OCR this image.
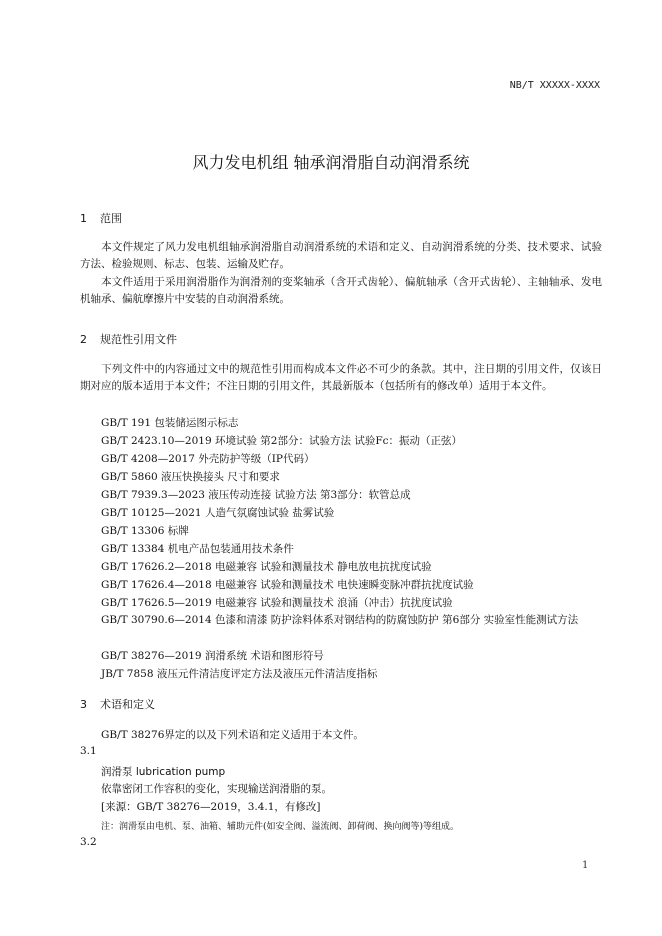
NB/T XXXXX-XXXX
风力发电机组 轴承润滑脂自动润滑系统
1 范围
本文件规定了风力发电机组轴承润滑脂自动润滑系统的术语和定义、自动润滑系统的分类、技术要求、试验方法、检验规则、标志、包装、运输及贮存。
本文件适用于采用润滑脂作为润滑剂的变桨轴承（含开式齿轮）、偏航轴承（含开式齿轮）、主轴轴承、发电机轴承、偏航摩擦片中安装的自动润滑系统。
2 规范性引用文件
下列文件中的内容通过文中的规范性引用而构成本文件必不可少的条款。其中，注日期的引用文件，仅该日期对应的版本适用于本文件；不注日期的引用文件，其最新版本（包括所有的修改单）适用于本文件。
GB/T 191 包装储运图示标志
GB/T 2423.10—2019 环境试验 第2部分：试验方法 试验Fc：振动（正弦）
GB/T 4208—2017 外壳防护等级（IP代码）
GB/T 5860 液压快换接头 尺寸和要求
GB/T 7939.3—2023 液压传动连接 试验方法 第3部分：软管总成
GB/T 10125—2021 人造气氛腐蚀试验 盐雾试验
GB/T 13306 标牌
GB/T 13384 机电产品包装通用技术条件
GB/T 17626.2—2018 电磁兼容 试验和测量技术 静电放电抗扰度试验
GB/T 17626.4—2018 电磁兼容 试验和测量技术 电快速瞬变脉冲群抗扰度试验
GB/T 17626.5—2019 电磁兼容 试验和测量技术 浪涌（冲击）抗扰度试验
GB/T 30790.6—2014 色漆和清漆 防护涂料体系对钢结构的防腐蚀防护 第6部分 实验室性能测试方法
GB/T 38276—2019 润滑系统 术语和图形符号
JB/T 7858 液压元件清洁度评定方法及液压元件清洁度指标
3 术语和定义
GB/T 38276界定的以及下列术语和定义适用于本文件。
3.1
润滑泵 lubrication pump
依靠密闭工作容积的变化，实现输送润滑脂的泵。
[来源：GB/T 38276—2019，3.4.1，有修改]
注：润滑泵由电机、泵、油箱、辅助元件(如安全阀、溢流阀、卸荷阀、换向阀等)等组成。
3.2
1
